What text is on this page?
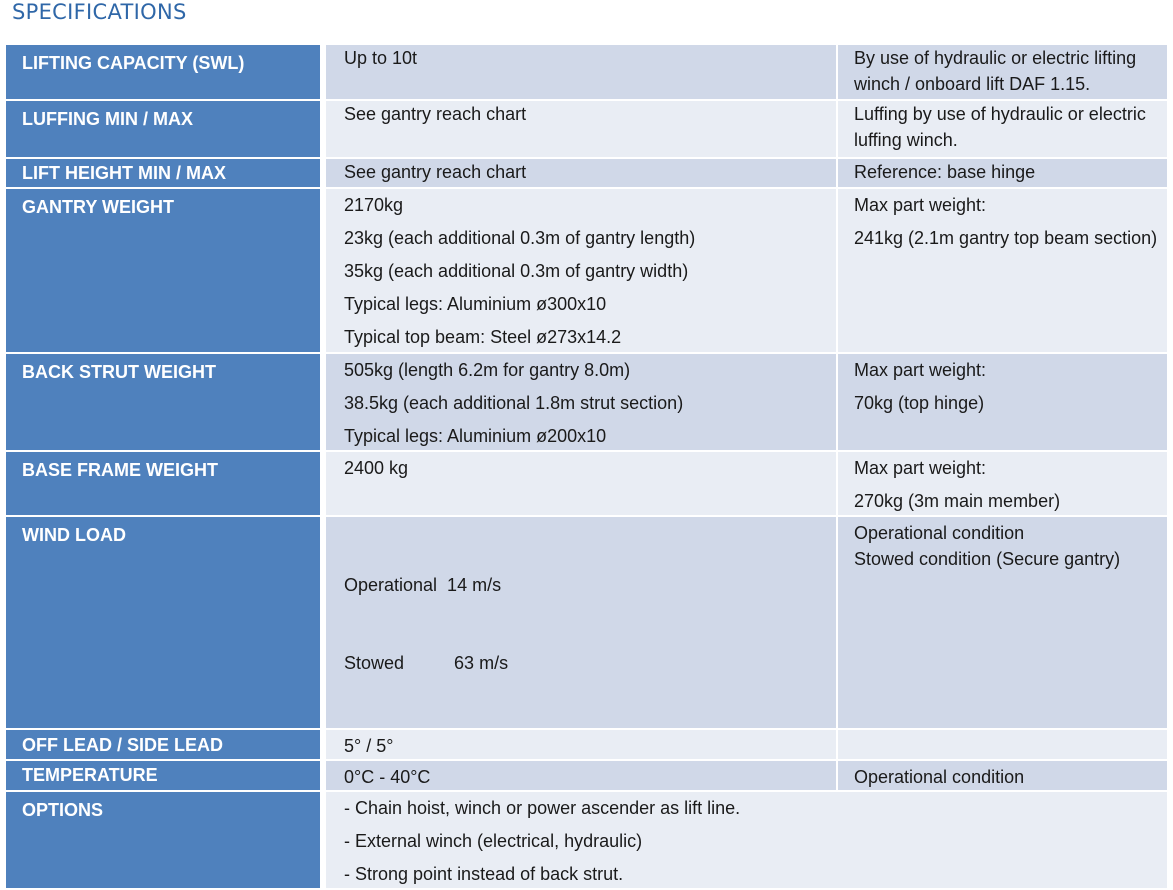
SPECIFICATIONS
LIFTING CAPACITY (SWL)	Up to 10t	By use of hydraulic or electric lifting
winch / onboard lift DAF 1.15.

LUFFING MIN / MAX	See gantry reach chart	Luffing by use of hydraulic or electric
luffing winch.

LIFT HEIGHT MIN / MAX	See gantry reach chart	Reference: base hinge

GANTRY WEIGHT	2170kg
23kg (each additional 0.3m of gantry length)
35kg (each additional 0.3m of gantry width)
Typical legs: Aluminium ø300x10
Typical top beam: Steel ø273x14.2	Max part weight:
241kg (2.1m gantry top beam section)

BACK STRUT WEIGHT	505kg (length 6.2m for gantry 8.0m)
38.5kg (each additional 1.8m strut section)
Typical legs: Aluminium ø200x10	Max part weight:
70kg (top hinge)

BASE FRAME WEIGHT	2400 kg	Max part weight:
270kg (3m main member)

WIND LOAD	Operational  14 m/s

Stowed          63 m/s	Operational condition
Stowed condition (Secure gantry)

OFF LEAD / SIDE LEAD	5° / 5°	

TEMPERATURE	0°C - 40°C	Operational condition

OPTIONS	- Chain hoist, winch or power ascender as lift line.
- External winch (electrical, hydraulic)
- Strong point instead of back strut.	
